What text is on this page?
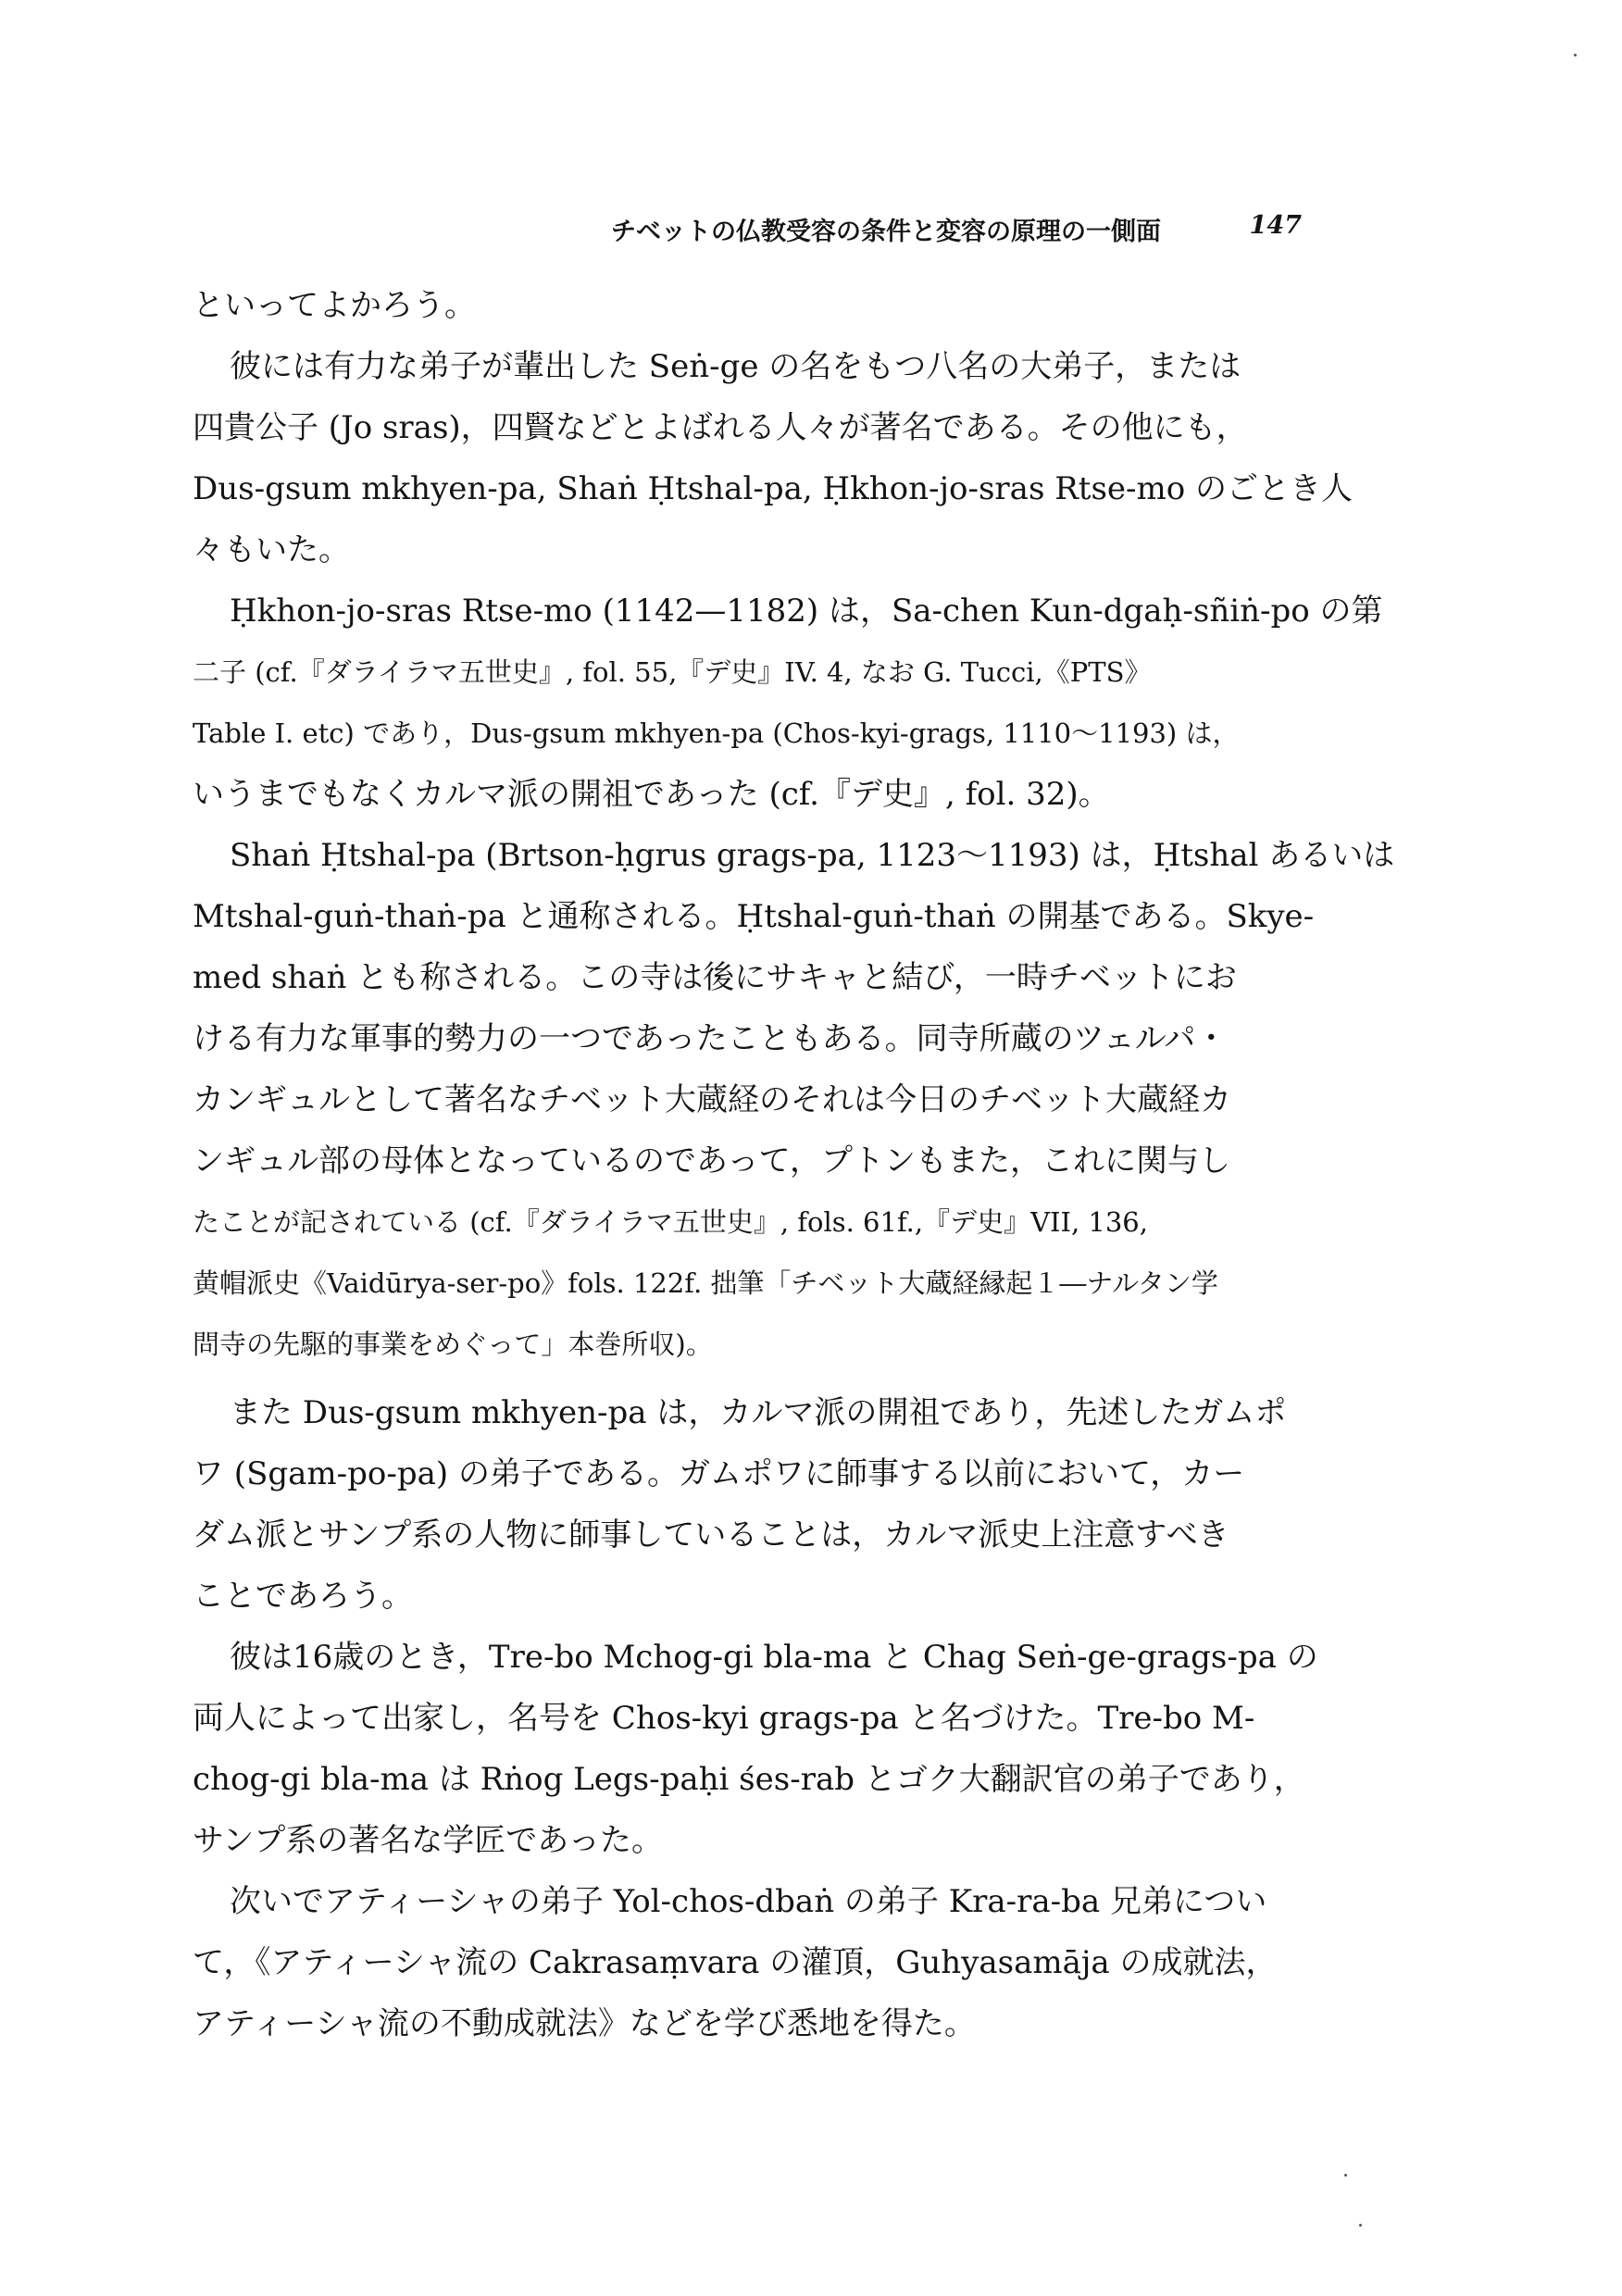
チベットの仏教受容の条件と変容の原理の一側面	147
といってよかろう。
彼には有力な弟子が輩出した Seṅ-ge の名をもつ八名の大弟子，または
四貴公子 (Jo sras)，四賢などとよばれる人々が著名である。その他にも，
Dus-gsum mkhyen-pa, Shaṅ Ḥtshal-pa, Ḥkhon-jo-sras Rtse-mo のごとき人
々もいた。
Ḥkhon-jo-sras Rtse-mo (1142—1182) は，Sa-chen Kun-dgaḥ-sñiṅ-po の第
二子 (cf.『ダライラマ五世史』, fol. 55,『デ史』IV. 4, なお G. Tucci,《PTS》
Table I. etc) であり，Dus-gsum mkhyen-pa (Chos-kyi-grags, 1110～1193) は，
いうまでもなくカルマ派の開祖であった (cf.『デ史』, fol. 32)。
Shaṅ Ḥtshal-pa (Brtson-ḥgrus grags-pa, 1123～1193) は，Ḥtshal あるいは
Mtshal-guṅ-thaṅ-pa と通称される。Ḥtshal-guṅ-thaṅ の開基である。Skye-
med shaṅ とも称される。この寺は後にサキャと結び，一時チベットにお
ける有力な軍事的勢力の一つであったこともある。同寺所蔵のツェルパ・
カンギュルとして著名なチベット大蔵経のそれは今日のチベット大蔵経カ
ンギュル部の母体となっているのであって，プトンもまた，これに関与し
たことが記されている (cf.『ダライラマ五世史』, fols. 61f.,『デ史』VII, 136,
黄帽派史《Vaidūrya-ser-po》fols. 122f. 拙筆「チベット大蔵経縁起１―ナルタン学
問寺の先駆的事業をめぐって」本巻所収)。
また Dus-gsum mkhyen-pa は，カルマ派の開祖であり，先述したガムポ
ワ (Sgam-po-pa) の弟子である。ガムポワに師事する以前において，カー
ダム派とサンプ系の人物に師事していることは，カルマ派史上注意すべき
ことであろう。
彼は16歳のとき，Tre-bo Mchog-gi bla-ma と Chag Seṅ-ge-grags-pa の
両人によって出家し，名号を Chos-kyi grags-pa と名づけた。Tre-bo M-
chog-gi bla-ma は Rṅog Legs-paḥi śes-rab とゴク大翻訳官の弟子であり，
サンプ系の著名な学匠であった。
次いでアティーシャの弟子 Yol-chos-dbaṅ の弟子 Kra-ra-ba 兄弟につい
て，《アティーシャ流の Cakrasaṃvara の灌頂，Guhyasamāja の成就法，
アティーシャ流の不動成就法》などを学び悉地を得た。
